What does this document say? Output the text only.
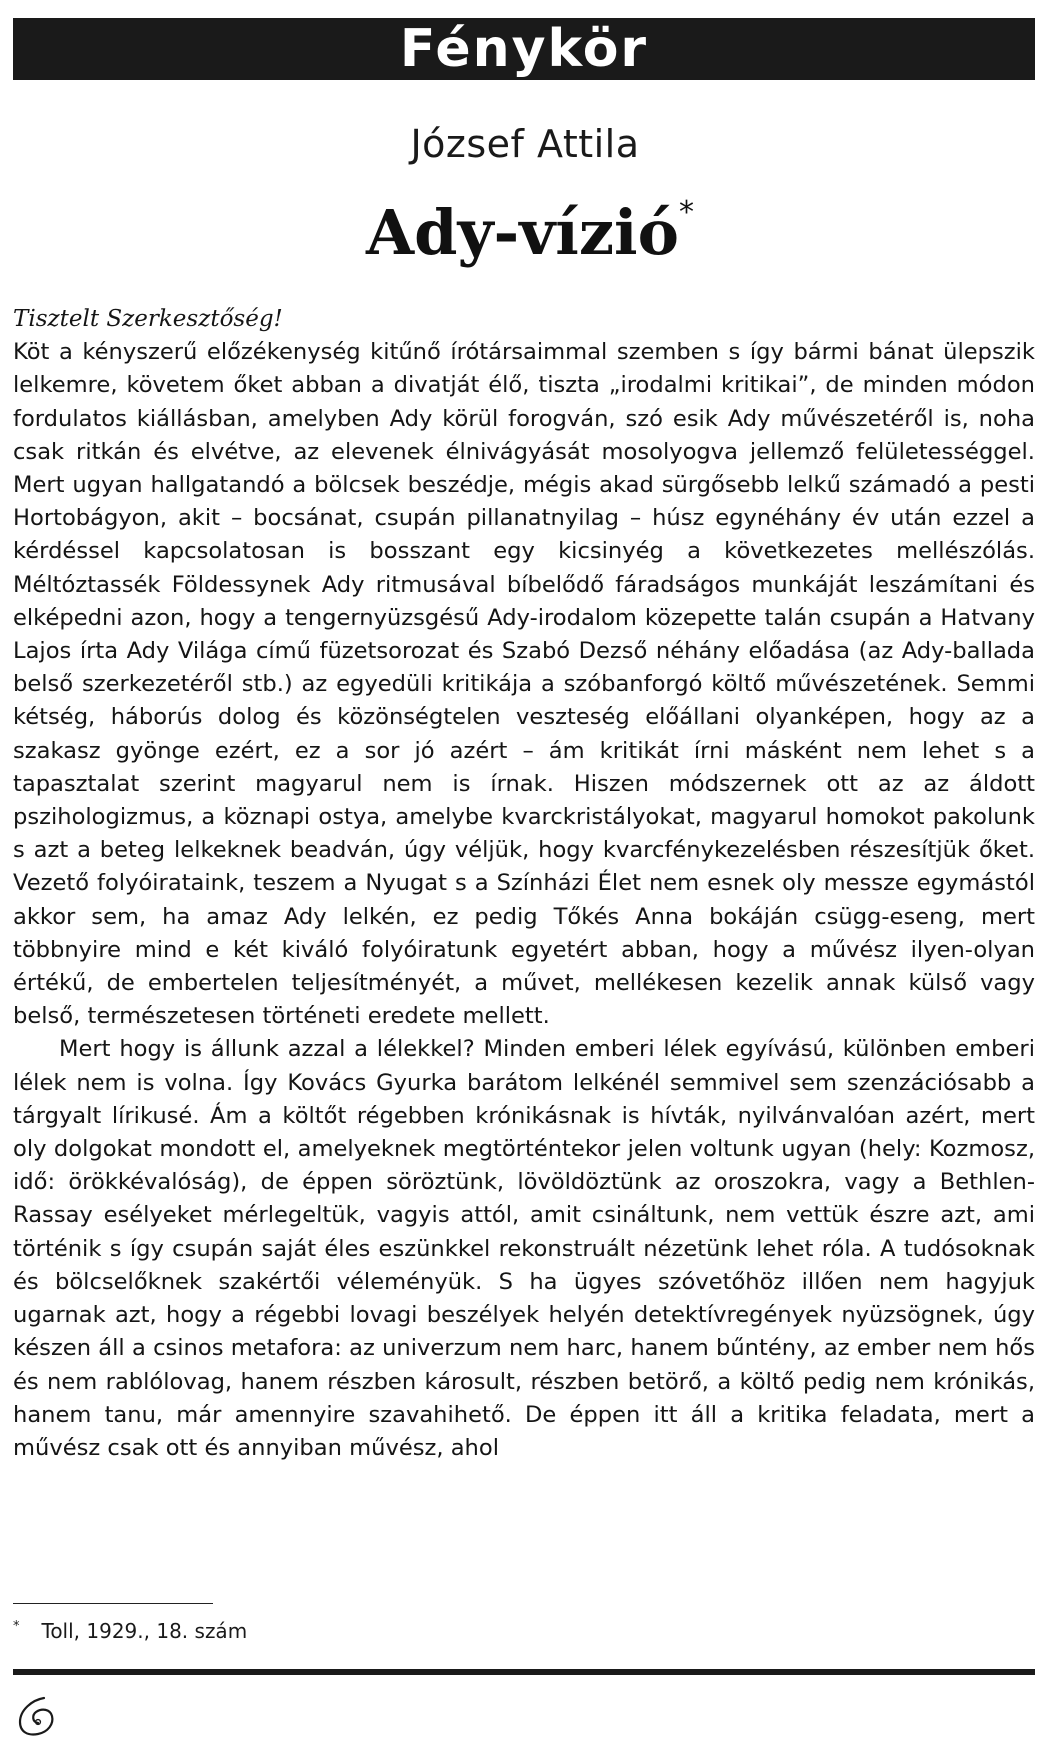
Fénykör
József Attila
Ady-vízió*

Tisztelt Szerkesztőség!

Köt a kényszerű előzékenység kitűnő írótársaimmal szemben s így bármi bánat ülepszik lelkemre, követem őket abban a divatját élő, tiszta „irodalmi kritikai”, de minden módon fordulatos kiállásban, amelyben Ady körül forogván, szó esik Ady művészetéről is, noha csak ritkán és elvétve, az elevenek élnivágyását mosolyogva jellemző felületességgel. Mert ugyan hallgatandó a bölcsek beszédje, mégis akad sürgősebb lelkű számadó a pesti Hortobágyon, akit – bocsánat, csupán pillanatnyilag – húsz egynéhány év után ezzel a kérdéssel kapcsolatosan is bosszant egy kicsinyég a következetes mellészólás. Méltóztassék Földessynek Ady ritmusával bíbelődő fáradságos munkáját leszámítani és elképedni azon, hogy a tengernyüzsgésű Ady-irodalom közepette talán csupán a Hatvany Lajos írta Ady Világa című füzetsorozat és Szabó Dezső néhány előadása (az Ady-ballada belső szerkezetéről stb.) az egyedüli kritikája a szóbanforgó költő művészetének. Semmi kétség, háborús dolog és közönségtelen veszteség előállani olyanképen, hogy az a szakasz gyönge ezért, ez a sor jó azért – ám kritikát írni másként nem lehet s a tapasztalat szerint magyarul nem is írnak. Hiszen módszernek ott az az áldott pszihologizmus, a köznapi ostya, amelybe kvarckristályokat, magyarul homokot pakolunk s azt a beteg lelkeknek beadván, úgy véljük, hogy kvarcfénykezelésben részesítjük őket. Vezető folyóirataink, teszem a Nyugat s a Színházi Élet nem esnek oly messze egymástól akkor sem, ha amaz Ady lelkén, ez pedig Tőkés Anna bokáján csügg-eseng, mert többnyire mind e két kiváló folyóiratunk egyetért abban, hogy a művész ilyen-olyan értékű, de embertelen teljesítményét, a művet, mellékesen kezelik annak külső vagy belső, természetesen történeti eredete mellett.

Mert hogy is állunk azzal a lélekkel? Minden emberi lélek egyívású, különben emberi lélek nem is volna. Így Kovács Gyurka barátom lelkénél semmivel sem szenzációsabb a tárgyalt lírikusé. Ám a költőt régebben krónikásnak is hívták, nyilvánvalóan azért, mert oly dolgokat mondott el, amelyeknek megtörténtekor jelen voltunk ugyan (hely: Kozmosz, idő: örökkévalóság), de éppen söröztünk, lövöldöztünk az oroszokra, vagy a Bethlen-Rassay esélyeket mérlegeltük, vagyis attól, amit csináltunk, nem vettük észre azt, ami történik s így csupán saját éles eszünkkel rekonstruált nézetünk lehet róla. A tudósoknak és bölcselőknek szakértői véleményük. S ha ügyes szóvetőhöz illően nem hagyjuk ugarnak azt, hogy a régebbi lovagi beszélyek helyén detektívregények nyüzsögnek, úgy készen áll a csinos metafora: az univerzum nem harc, hanem bűntény, az ember nem hős és nem rablólovag, hanem részben károsult, részben betörő, a költő pedig nem krónikás, hanem tanu, már amennyire szavahihető. De éppen itt áll a kritika feladata, mert a művész csak ott és annyiban művész, ahol

* Toll, 1929., 18. szám
